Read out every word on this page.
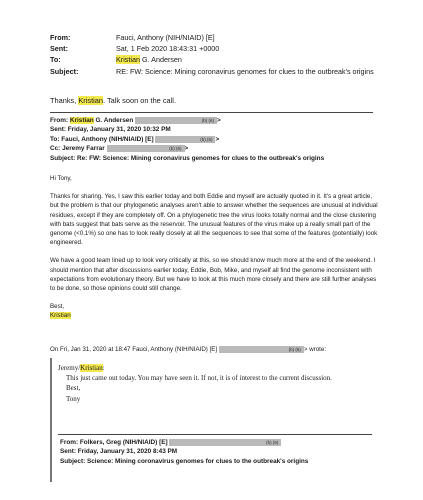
From:	Fauci, Anthony (NIH/NIAID) [E]
Sent:	Sat, 1 Feb 2020 18:43:31 +0000
To:	Kristian G. Andersen
Subject:	RE: FW: Science: Mining coronavirus genomes for clues to the outbreak's origins
Thanks, Kristian. Talk soon on the call.
From: Kristian G. Andersen	(b) (6) >
Sent: Friday, January 31, 2020 10:32 PM
To: Fauci, Anthony (NIH/NIAID) [E]	(b) (6) >
Cc: Jeremy Farrar	(b) (6) >
Subject: Re: FW: Science: Mining coronavirus genomes for clues to the outbreak's origins

Hi Tony,

Thanks for sharing. Yes, I saw this earlier today and both Eddie and myself are actually quoted in it. It's a great article, but the problem is that our phylogenetic analyses aren't able to answer whether the sequences are unusual at individual residues, except if they are completely off. On a phylogenetic tree the virus looks totally normal and the close clustering with bats suggest that bats serve as the reservoir. The unusual features of the virus make up a really small part of the genome (<0.1%) so one has to look really closely at all the sequences to see that some of the features (potentially) look engineered.

We have a good team lined up to look very critically at this, so we should know much more at the end of the weekend. I should mention that after discussions earlier today, Eddie, Bob, Mike, and myself all find the genome inconsistent with expectations from evolutionary theory. But we have to look at this much more closely and there are still further analyses to be done, so those opinions could still change.

Best,

Kristian

On Fri, Jan 31, 2020 at 18:47 Fauci, Anthony (NIH/NIAID) [E]	(b) (6) > wrote:
Jeremy/Kristian:
This just came out today. You may have seen it. If not, it is of interest to the current discussion.
Best,
Tony
From: Folkers, Greg (NIH/NIAID) [E]	(b) (6)
Sent: Friday, January 31, 2020 8:43 PM
Subject: Science: Mining coronavirus genomes for clues to the outbreak's origins
